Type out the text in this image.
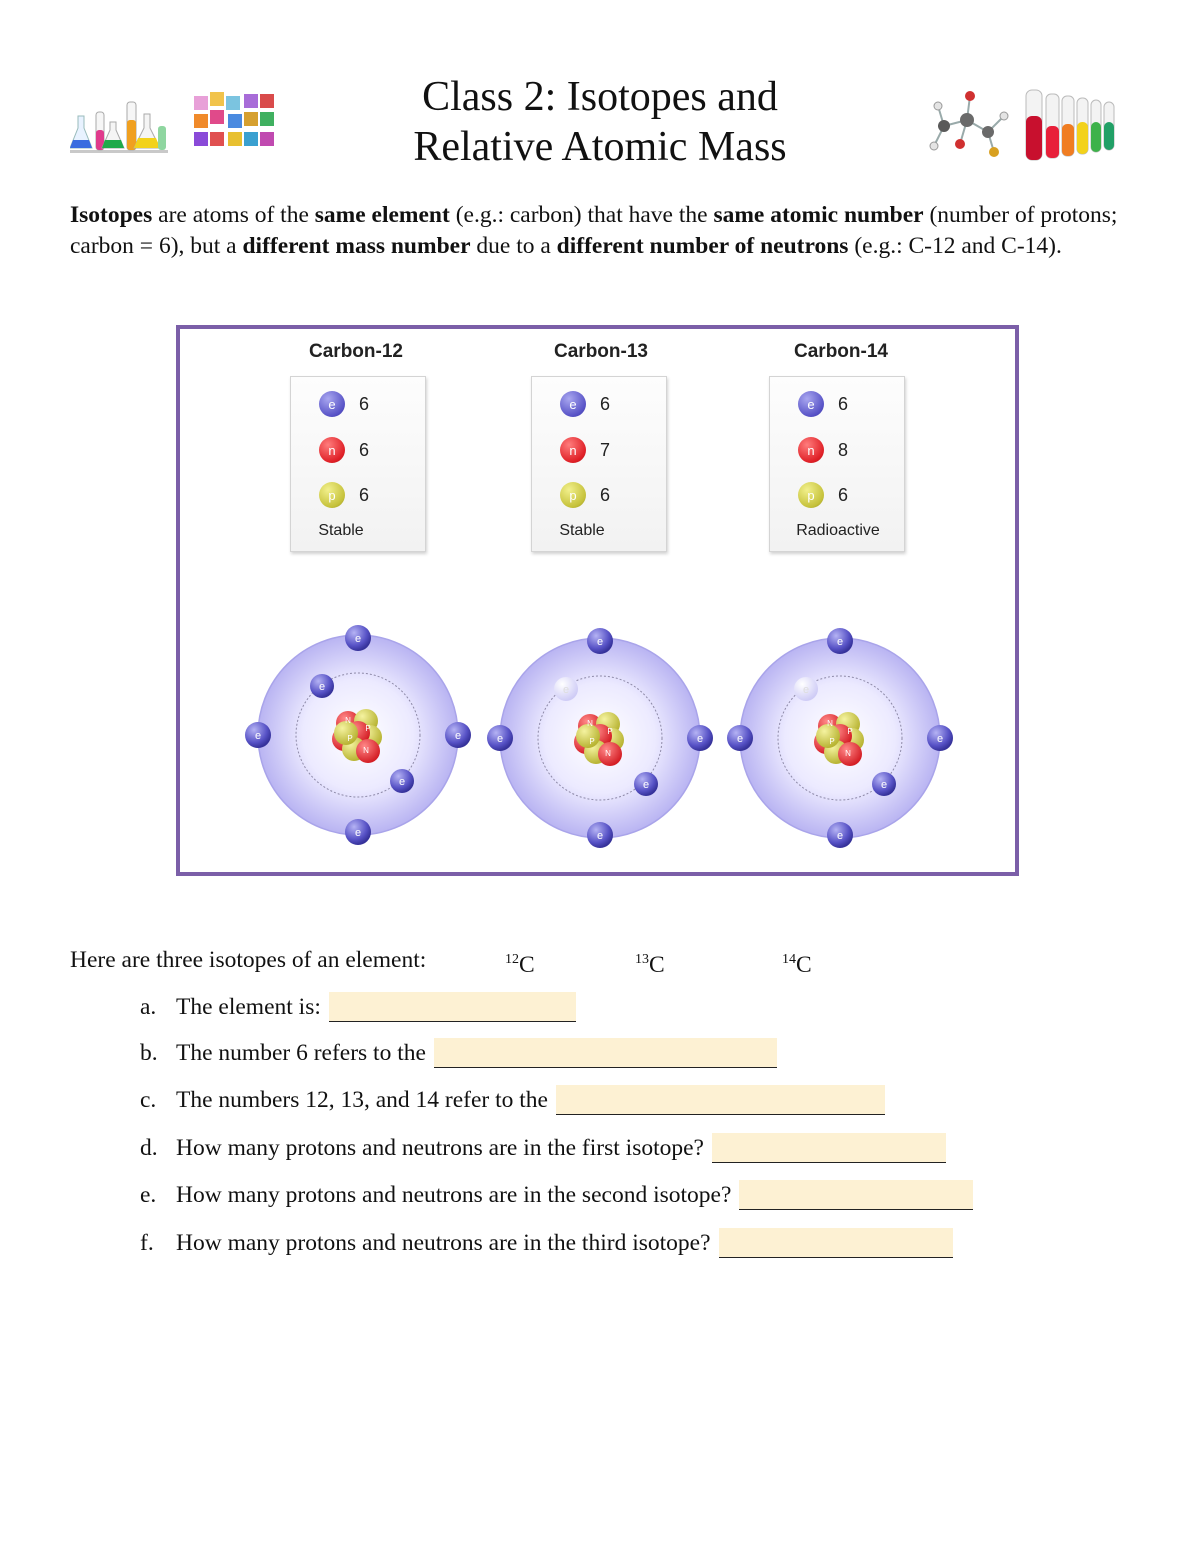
Class 2: Isotopes and
Relative Atomic Mass
Isotopes are atoms of the same element (e.g.: carbon) that have the same atomic number (number of protons; carbon = 6), but a different mass number due to a different number of neutrons (e.g.: C-12 and C-14).
Carbon-12	Carbon-13	Carbon-14
e 6
n 6
p 6
Stable
e 6
n 7
p 6
Stable
e 6
n 8
p 6
Radioactive
N
P
P
N
e
e
e	e
e
e
N
P
P
N
e
e
e	e
e
e
N
P
P
N
e
e
e	e
e
e
Here are three isotopes of an element:	$^{12}$C	$^{13}$C	$^{14}$C
a. The element is:
b. The number 6 refers to the
c. The numbers 12, 13, and 14 refer to the
d. How many protons and neutrons are in the first isotope?
e. How many protons and neutrons are in the second isotope?
f. How many protons and neutrons are in the third isotope?
